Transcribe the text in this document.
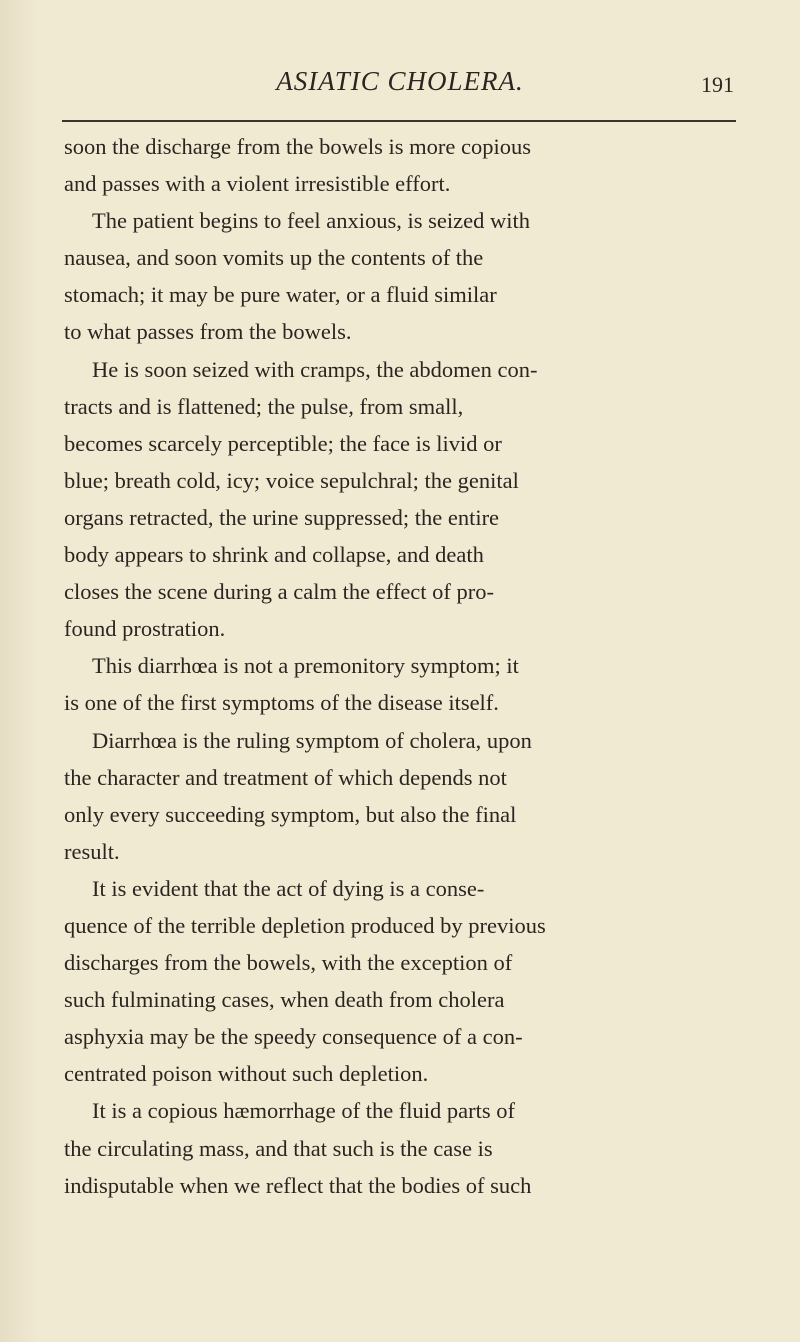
ASIATIC CHOLERA.	191
soon the discharge from the bowels is more copious
and passes with a violent irresistible effort.
The patient begins to feel anxious, is seized with
nausea, and soon vomits up the contents of the
stomach; it may be pure water, or a fluid similar
to what passes from the bowels.
He is soon seized with cramps, the abdomen con-
tracts and is flattened; the pulse, from small,
becomes scarcely perceptible; the face is livid or
blue; breath cold, icy; voice sepulchral; the genital
organs retracted, the urine suppressed; the entire
body appears to shrink and collapse, and death
closes the scene during a calm the effect of pro-
found prostration.
This diarrhœa is not a premonitory symptom; it
is one of the first symptoms of the disease itself.
Diarrhœa is the ruling symptom of cholera, upon
the character and treatment of which depends not
only every succeeding symptom, but also the final
result.
It is evident that the act of dying is a conse-
quence of the terrible depletion produced by previous
discharges from the bowels, with the exception of
such fulminating cases, when death from cholera
asphyxia may be the speedy consequence of a con-
centrated poison without such depletion.
It is a copious hæmorrhage of the fluid parts of
the circulating mass, and that such is the case is
indisputable when we reflect that the bodies of such
